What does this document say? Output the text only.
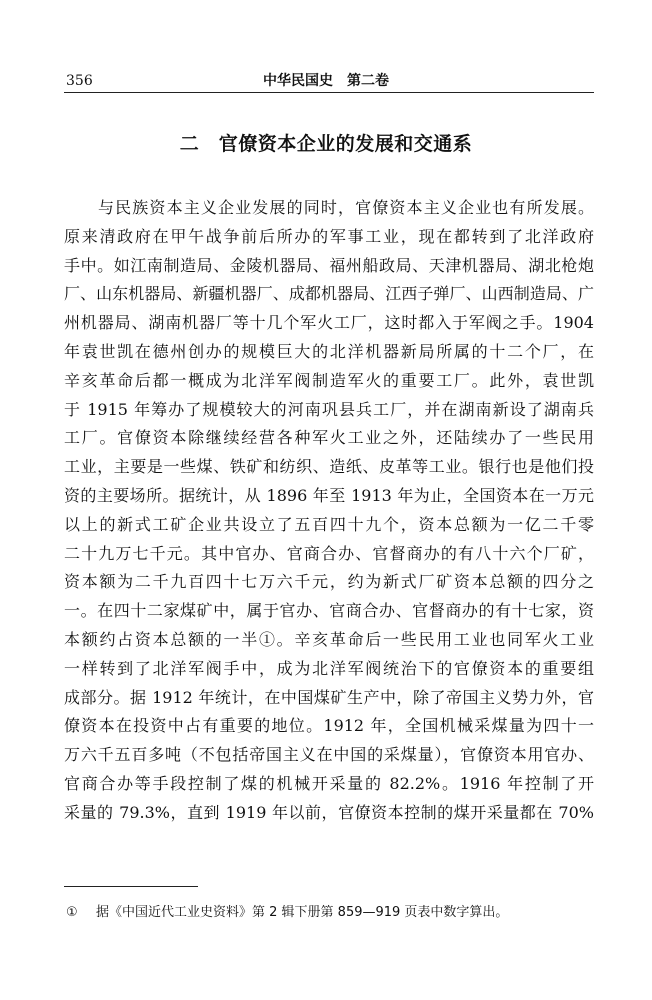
356	中华民国史　第二卷
二　官僚资本企业的发展和交通系
与民族资本主义企业发展的同时，官僚资本主义企业也有所发展。
原来清政府在甲午战争前后所办的军事工业，现在都转到了北洋政府
手中。如江南制造局、金陵机器局、福州船政局、天津机器局、湖北枪炮
厂、山东机器局、新疆机器厂、成都机器局、江西子弹厂、山西制造局、广
州机器局、湖南机器厂等十几个军火工厂，这时都入于军阀之手。1904
年袁世凯在德州创办的规模巨大的北洋机器新局所属的十二个厂，在
辛亥革命后都一概成为北洋军阀制造军火的重要工厂。此外，袁世凯
于 1915 年筹办了规模较大的河南巩县兵工厂，并在湖南新设了湖南兵
工厂。官僚资本除继续经营各种军火工业之外，还陆续办了一些民用
工业，主要是一些煤、铁矿和纺织、造纸、皮革等工业。银行也是他们投
资的主要场所。据统计，从 1896 年至 1913 年为止，全国资本在一万元
以上的新式工矿企业共设立了五百四十九个，资本总额为一亿二千零
二十九万七千元。其中官办、官商合办、官督商办的有八十六个厂矿，
资本额为二千九百四十七万六千元，约为新式厂矿资本总额的四分之
一。在四十二家煤矿中，属于官办、官商合办、官督商办的有十七家，资
本额约占资本总额的一半①。辛亥革命后一些民用工业也同军火工业
一样转到了北洋军阀手中，成为北洋军阀统治下的官僚资本的重要组
成部分。据 1912 年统计，在中国煤矿生产中，除了帝国主义势力外，官
僚资本在投资中占有重要的地位。1912 年，全国机械采煤量为四十一
万六千五百多吨（不包括帝国主义在中国的采煤量），官僚资本用官办、
官商合办等手段控制了煤的机械开采量的 82.2%。1916 年控制了开
采量的 79.3%，直到 1919 年以前，官僚资本控制的煤开采量都在 70%
① 据《中国近代工业史资料》第 2 辑下册第 859—919 页表中数字算出。
